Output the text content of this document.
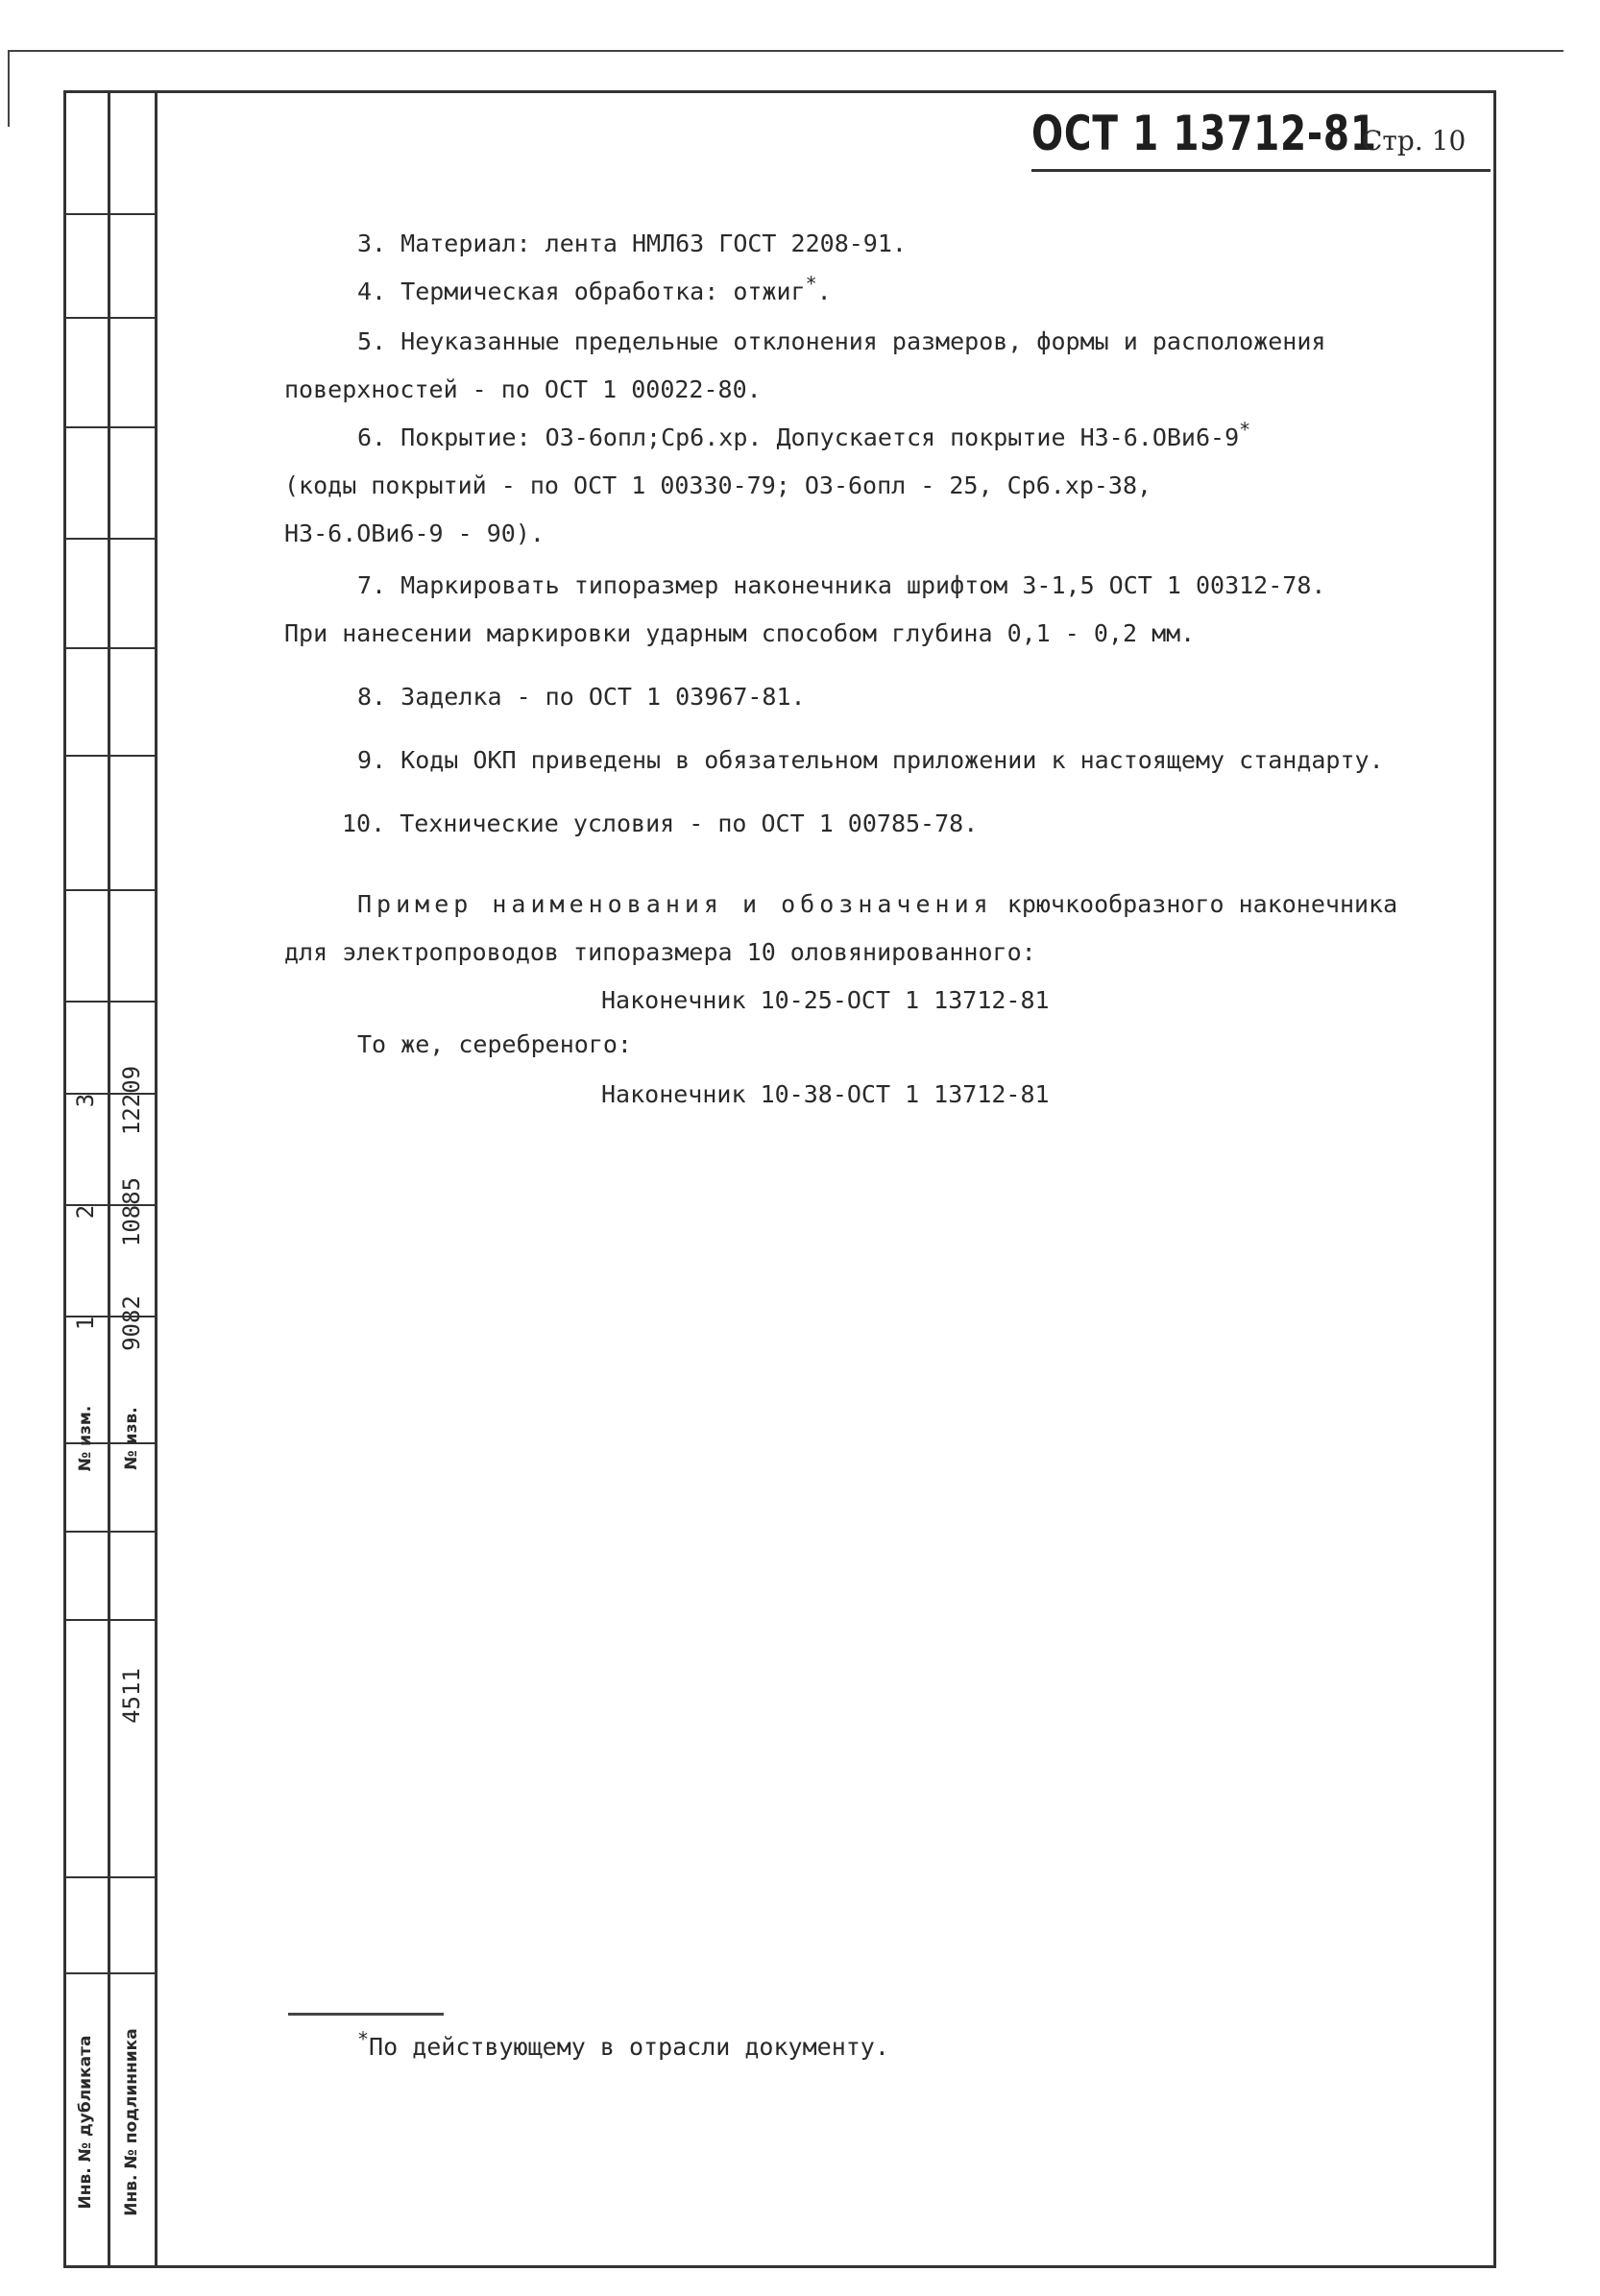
3
2
1
№ изм.
12209
10885
9082
№ изв.
4511
Инв. № дубликата Инв. № подлинника
ОСТ 1 13712-81
Стр. 10
3. Материал: лента НМЛ63 ГОСТ 2208-91.
4. Термическая обработка: отжиг*.
5. Неуказанные предельные отклонения размеров, формы и расположения
поверхностей - по ОСТ 1 00022-80.
6. Покрытие: О3-6опл;Ср6.хр. Допускается покрытие Н3-6.ОВи6-9*
(коды покрытий - по ОСТ 1 00330-79; О3-6опл - 25, Ср6.хр-38,
Н3-6.ОВи6-9 - 90).
7. Маркировать типоразмер наконечника шрифтом 3-1,5 ОСТ 1 00312-78.
При нанесении маркировки ударным способом глубина 0,1 - 0,2 мм.
8. Заделка - по ОСТ 1 03967-81.
9. Коды ОКП приведены в обязательном приложении к настоящему стандарту.
10. Технические условия - по ОСТ 1 00785-78.
Пример наименования и обозначения крючкообразного наконечника
для электропроводов типоразмера 10 оловянированного:
Наконечник 10-25-ОСТ 1 13712-81
То же, серебреного:
Наконечник 10-38-ОСТ 1 13712-81
*По действующему в отрасли документу.
